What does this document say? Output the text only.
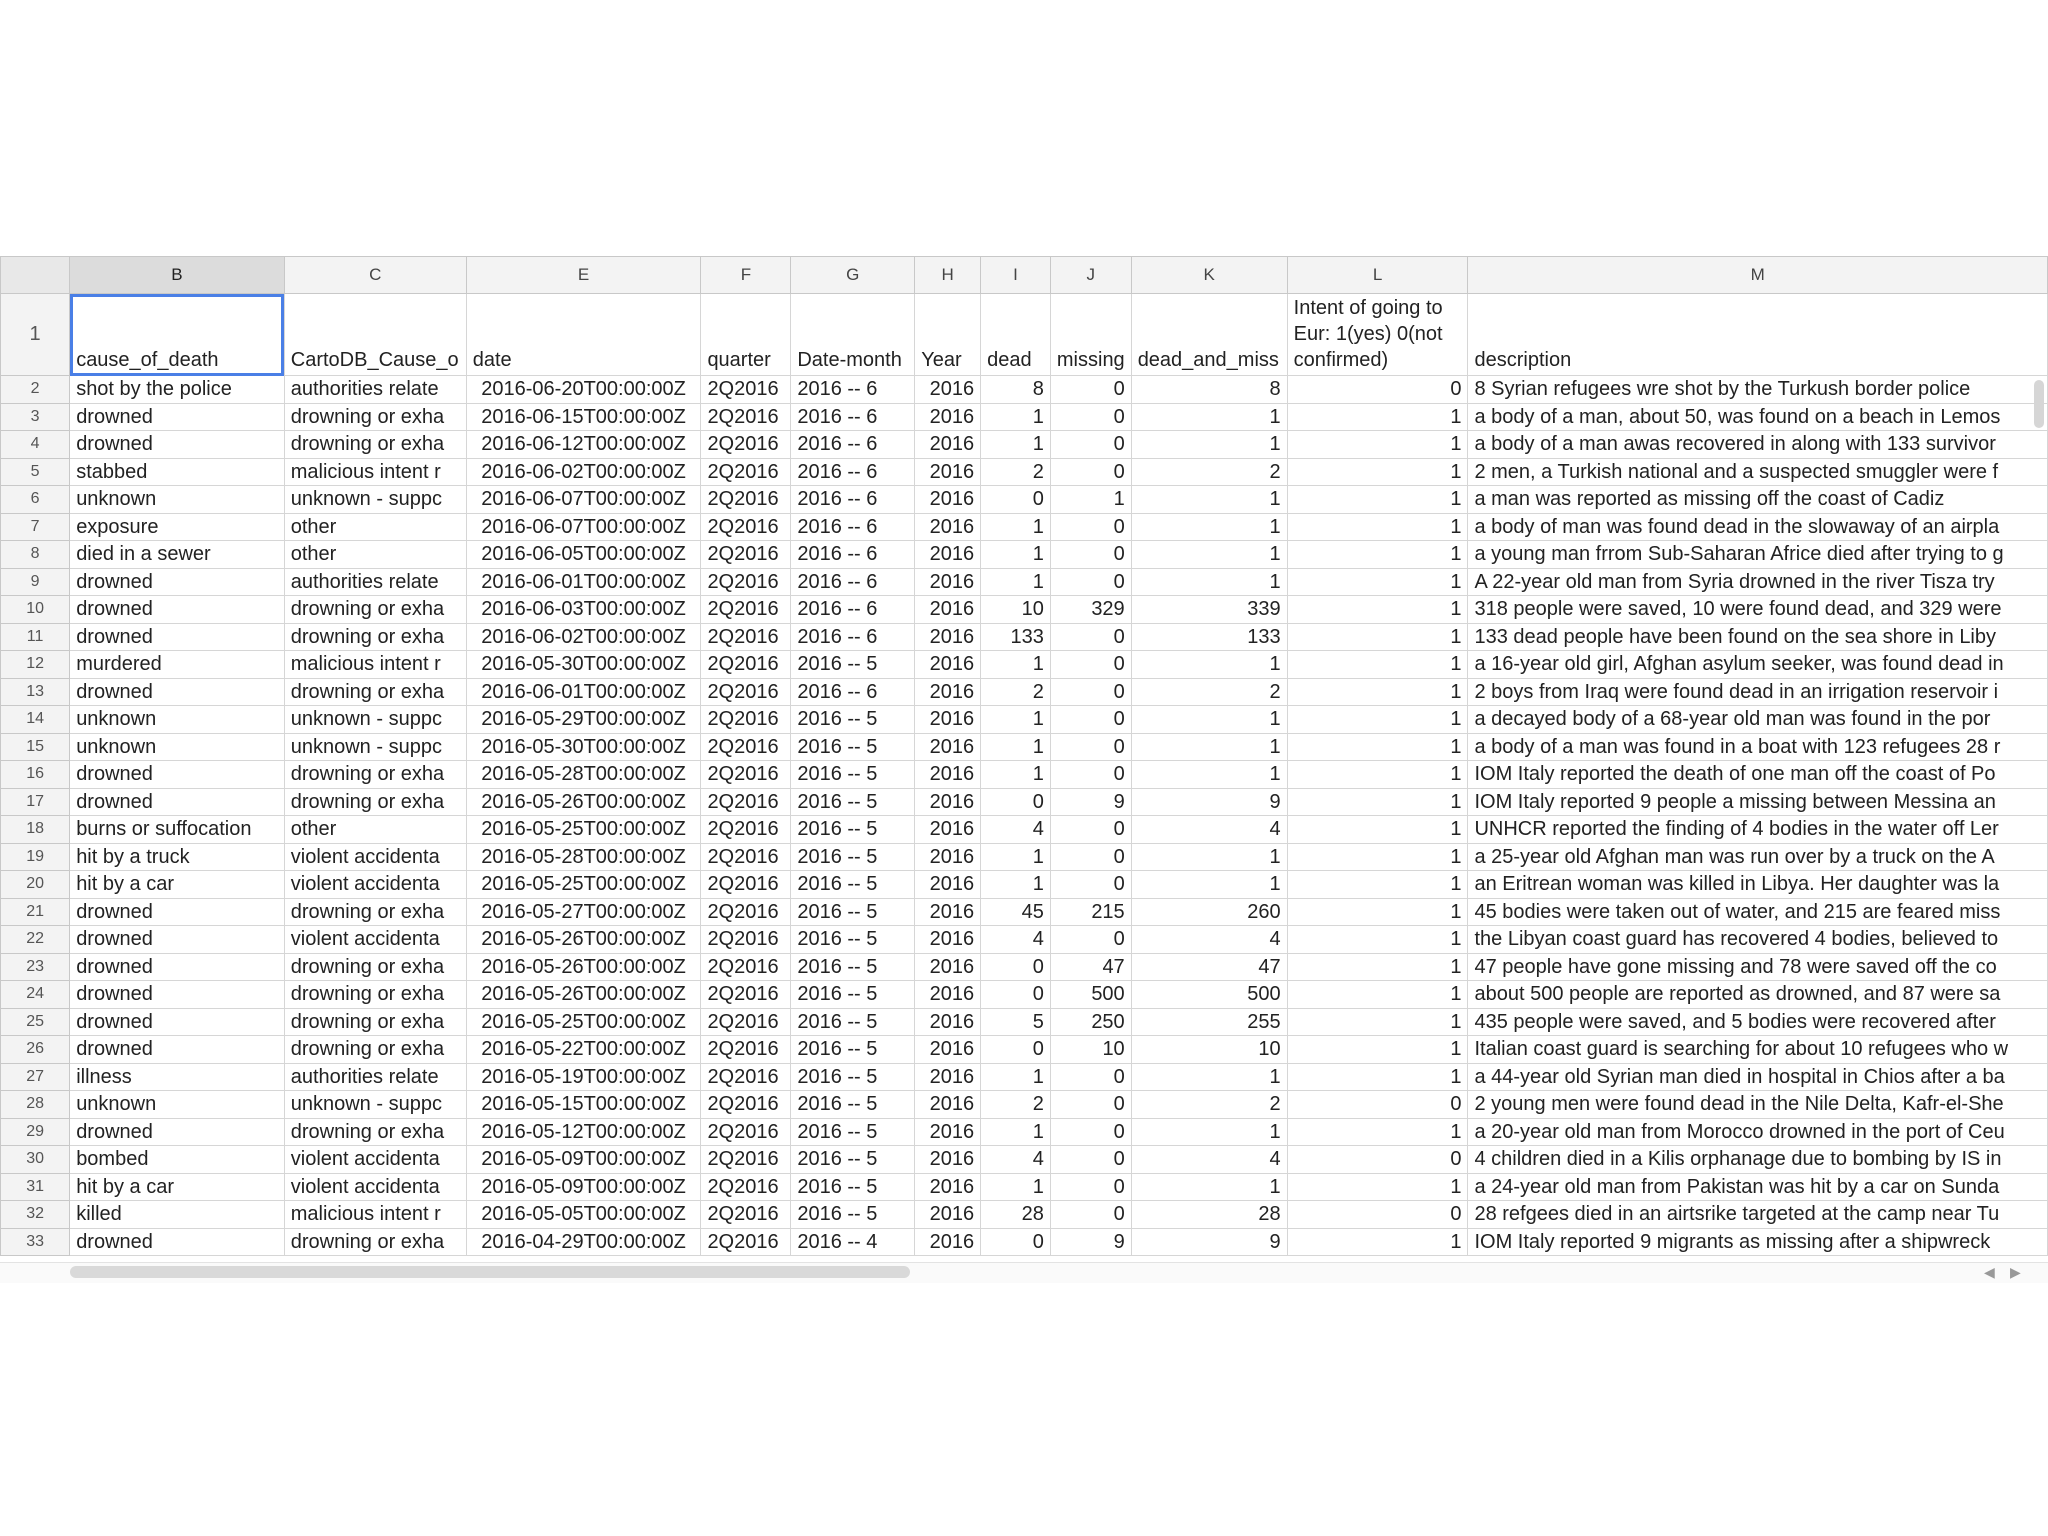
	B	C	E	F	G	H	I	J	K	L	M
1	cause_of_death	CartoDB_Cause_o	date	quarter	Date-month	Year	dead	missing	dead_and_miss	Intent of going to Eur: 1(yes) 0(not confirmed)	description
2	shot by the police	authorities relate	2016-06-20T00:00:00Z	2Q2016	2016 -- 6	2016	8	0	8	0	8 Syrian refugees wre shot by the Turkush border police
3	drowned	drowning or exha	2016-06-15T00:00:00Z	2Q2016	2016 -- 6	2016	1	0	1	1	a body of a man, about 50, was found on a beach in Lemos
4	drowned	drowning or exha	2016-06-12T00:00:00Z	2Q2016	2016 -- 6	2016	1	0	1	1	a body of a man awas recovered in along with 133 survivor
5	stabbed	malicious intent r	2016-06-02T00:00:00Z	2Q2016	2016 -- 6	2016	2	0	2	1	2 men, a Turkish national and a suspected smuggler were f
6	unknown	unknown - suppc	2016-06-07T00:00:00Z	2Q2016	2016 -- 6	2016	0	1	1	1	a man was reported as missing off the coast of Cadiz
7	exposure	other	2016-06-07T00:00:00Z	2Q2016	2016 -- 6	2016	1	0	1	1	a body of man was found dead in the slowaway of an airpla
8	died in a sewer	other	2016-06-05T00:00:00Z	2Q2016	2016 -- 6	2016	1	0	1	1	a young man frrom Sub-Saharan Africe died after trying to g
9	drowned	authorities relate	2016-06-01T00:00:00Z	2Q2016	2016 -- 6	2016	1	0	1	1	A 22-year old man from Syria drowned in the river Tisza try
10	drowned	drowning or exha	2016-06-03T00:00:00Z	2Q2016	2016 -- 6	2016	10	329	339	1	318 people were saved, 10 were found dead, and 329 were
11	drowned	drowning or exha	2016-06-02T00:00:00Z	2Q2016	2016 -- 6	2016	133	0	133	1	133 dead people have been found on the sea shore in Liby
12	murdered	malicious intent r	2016-05-30T00:00:00Z	2Q2016	2016 -- 5	2016	1	0	1	1	a 16-year old girl, Afghan asylum seeker, was found dead in
13	drowned	drowning or exha	2016-06-01T00:00:00Z	2Q2016	2016 -- 6	2016	2	0	2	1	2 boys from Iraq were found dead in an irrigation reservoir i
14	unknown	unknown - suppc	2016-05-29T00:00:00Z	2Q2016	2016 -- 5	2016	1	0	1	1	a decayed body of a 68-year old man was found in the por
15	unknown	unknown - suppc	2016-05-30T00:00:00Z	2Q2016	2016 -- 5	2016	1	0	1	1	a body of a man was found in a boat with 123 refugees 28 r
16	drowned	drowning or exha	2016-05-28T00:00:00Z	2Q2016	2016 -- 5	2016	1	0	1	1	IOM Italy reported the death of one man off the coast of Po
17	drowned	drowning or exha	2016-05-26T00:00:00Z	2Q2016	2016 -- 5	2016	0	9	9	1	IOM Italy reported 9 people a missing between Messina an
18	burns or suffocation	other	2016-05-25T00:00:00Z	2Q2016	2016 -- 5	2016	4	0	4	1	UNHCR reported the finding of 4 bodies in the water off Ler
19	hit by a truck	violent accidenta	2016-05-28T00:00:00Z	2Q2016	2016 -- 5	2016	1	0	1	1	a 25-year old Afghan man was run over by a truck on the A
20	hit by a car	violent accidenta	2016-05-25T00:00:00Z	2Q2016	2016 -- 5	2016	1	0	1	1	an Eritrean woman was killed in Libya. Her daughter was la
21	drowned	drowning or exha	2016-05-27T00:00:00Z	2Q2016	2016 -- 5	2016	45	215	260	1	45 bodies were taken out of water, and 215 are feared miss
22	drowned	violent accidenta	2016-05-26T00:00:00Z	2Q2016	2016 -- 5	2016	4	0	4	1	the Libyan coast guard has recovered 4 bodies, believed to
23	drowned	drowning or exha	2016-05-26T00:00:00Z	2Q2016	2016 -- 5	2016	0	47	47	1	47 people have gone missing and 78 were saved off the co
24	drowned	drowning or exha	2016-05-26T00:00:00Z	2Q2016	2016 -- 5	2016	0	500	500	1	about 500 people are reported as drowned, and 87 were sa
25	drowned	drowning or exha	2016-05-25T00:00:00Z	2Q2016	2016 -- 5	2016	5	250	255	1	435 people were saved, and 5 bodies were recovered after
26	drowned	drowning or exha	2016-05-22T00:00:00Z	2Q2016	2016 -- 5	2016	0	10	10	1	Italian coast guard is searching for about 10 refugees who w
27	illness	authorities relate	2016-05-19T00:00:00Z	2Q2016	2016 -- 5	2016	1	0	1	1	a 44-year old Syrian man died in hospital in Chios after a ba
28	unknown	unknown - suppc	2016-05-15T00:00:00Z	2Q2016	2016 -- 5	2016	2	0	2	0	2 young men were found dead in the Nile Delta, Kafr-el-She
29	drowned	drowning or exha	2016-05-12T00:00:00Z	2Q2016	2016 -- 5	2016	1	0	1	1	a 20-year old man from Morocco drowned in the port of Ceu
30	bombed	violent accidenta	2016-05-09T00:00:00Z	2Q2016	2016 -- 5	2016	4	0	4	0	4 children died in a Kilis orphanage due to bombing by IS in
31	hit by a car	violent accidenta	2016-05-09T00:00:00Z	2Q2016	2016 -- 5	2016	1	0	1	1	a 24-year old man from Pakistan was hit by a car on Sunda
32	killed	malicious intent r	2016-05-05T00:00:00Z	2Q2016	2016 -- 5	2016	28	0	28	0	28 refgees died in an airtsrike targeted at the camp near Tu
33	drowned	drowning or exha	2016-04-29T00:00:00Z	2Q2016	2016 -- 4	2016	0	9	9	1	IOM Italy reported 9 migrants as missing after a shipwreck
◀ ▶
